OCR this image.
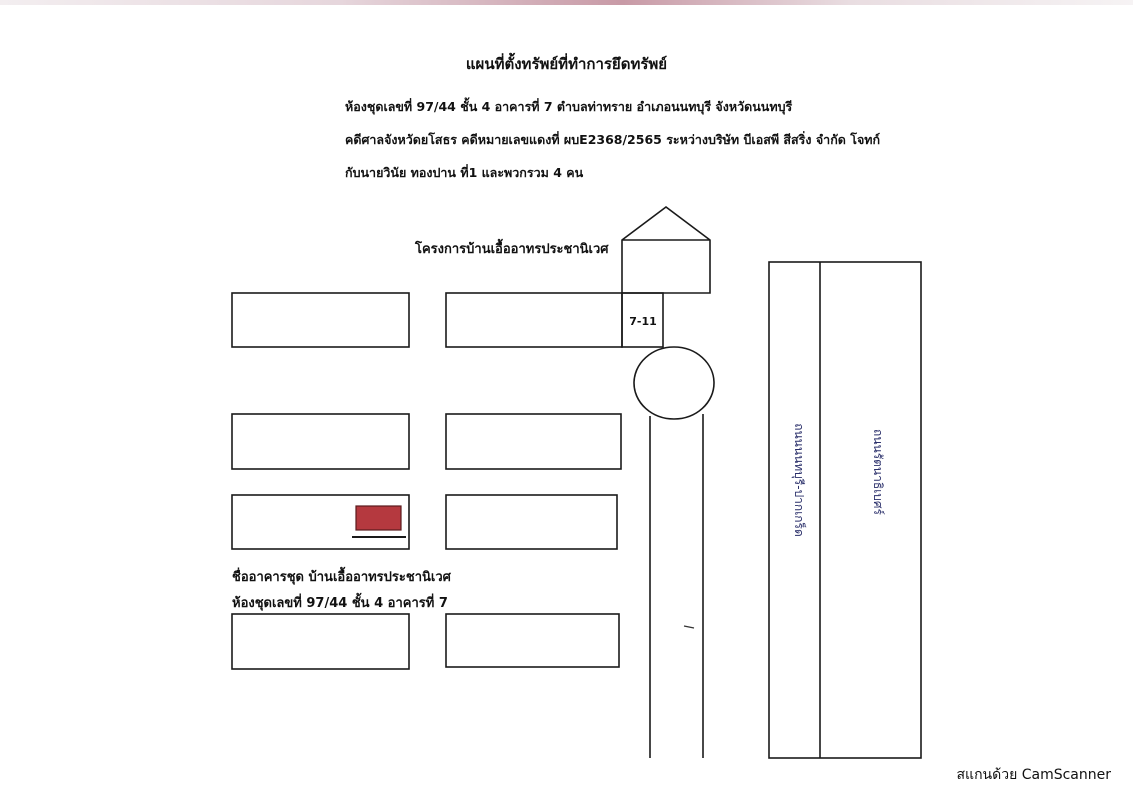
แผนที่ตั้งทรัพย์ที่ทำการยึดทรัพย์
ห้องชุดเลขที่ 97/44 ชั้น 4 อาคารที่ 7 ตำบลท่าทราย อำเภอนนทบุรี จังหวัดนนทบุรี
คดีศาลจังหวัดยโสธร คดีหมายเลขแดงที่ ผบE2368/2565 ระหว่างบริษัท บีเอสพี สีสริ่ง จำกัด โจทก์
กับนายวินัย ทองปาน ที่1 และพวกรวม 4 คน
7-11
ถนนนนทบุรี-ปากเกร็ด	ถนนรัตนาธิเบศร์
โครงการบ้านเอื้ออาทรประชานิเวศ
ชื่ออาคารชุด บ้านเอื้ออาทรประชานิเวศ
ห้องชุดเลขที่ 97/44 ชั้น 4 อาคารที่ 7
สแกนด้วย CamScanner
